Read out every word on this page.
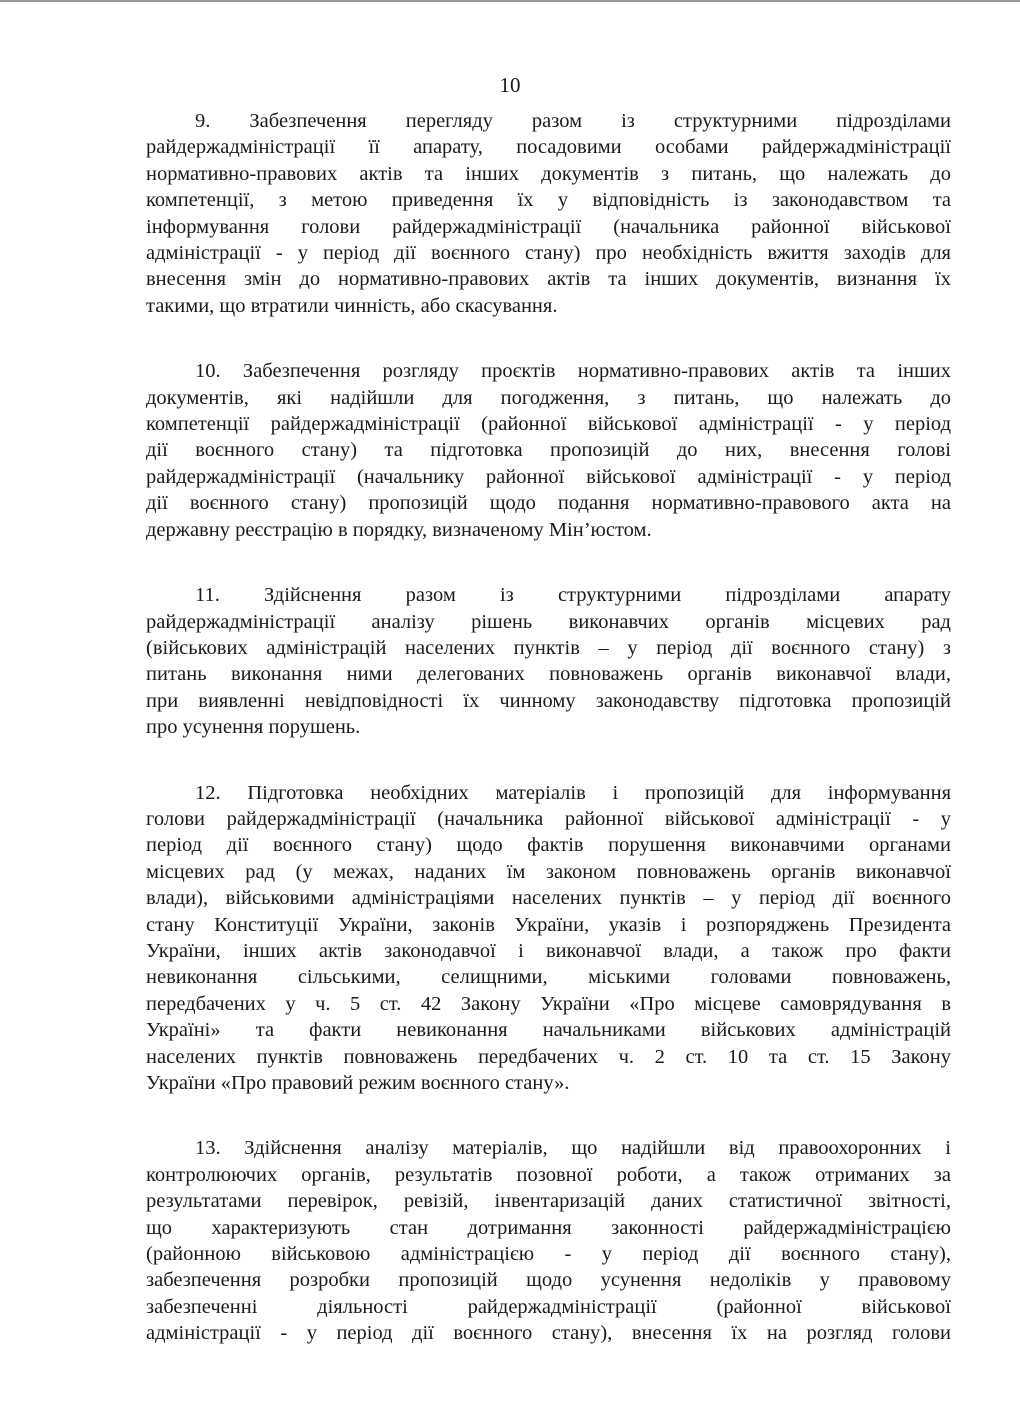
10

9. Забезпечення перегляду разом із структурними підрозділами
райдержадміністрації її апарату, посадовими особами райдержадміністрації
нормативно-правових актів та інших документів з питань, що належать до
компетенції, з метою приведення їх у відповідність із законодавством та
інформування голови райдержадміністрації (начальника районної військової
адміністрації - у період дії воєнного стану) про необхідність вжиття заходів для
внесення змін до нормативно-правових актів та інших документів, визнання їх
такими, що втратили чинність, або скасування.

10. Забезпечення розгляду проєктів нормативно-правових актів та інших
документів, які надійшли для погодження, з питань, що належать до
компетенції райдержадміністрації (районної військової адміністрації - у період
дії воєнного стану) та підготовка пропозицій до них, внесення голові
райдержадміністрації (начальнику районної військової адміністрації - у період
дії воєнного стану) пропозицій щодо подання нормативно-правового акта на
державну реєстрацію в порядку, визначеному Мін’юстом.

11. Здійснення разом із структурними підрозділами апарату
райдержадміністрації аналізу рішень виконавчих органів місцевих рад
(військових адміністрацій населених пунктів – у період дії воєнного стану) з
питань виконання ними делегованих повноважень органів виконавчої влади,
при виявленні невідповідності їх чинному законодавству підготовка пропозицій
про усунення порушень.

12. Підготовка необхідних матеріалів і пропозицій для інформування
голови райдержадміністрації (начальника районної військової адміністрації - у
період дії воєнного стану) щодо фактів порушення виконавчими органами
місцевих рад (у межах, наданих їм законом повноважень органів виконавчої
влади), військовими адміністраціями населених пунктів – у період дії воєнного
стану Конституції України, законів України, указів і розпоряджень Президента
України, інших актів законодавчої і виконавчої влади, а також про факти
невиконання сільськими, селищними, міськими головами повноважень,
передбачених у ч. 5 ст. 42 Закону України «Про місцеве самоврядування в
Україні» та факти невиконання начальниками військових адміністрацій
населених пунктів повноважень передбачених ч. 2 ст. 10 та ст. 15 Закону
України «Про правовий режим воєнного стану».

13. Здійснення аналізу матеріалів, що надійшли від правоохоронних і
контролюючих органів, результатів позовної роботи, а також отриманих за
результатами перевірок, ревізій, інвентаризацій даних статистичної звітності,
що характеризують стан дотримання законності райдержадміністрацією
(районною військовою адміністрацією - у період дії воєнного стану),
забезпечення розробки пропозицій щодо усунення недоліків у правовому
забезпеченні діяльності райдержадміністрації (районної військової
адміністрації - у період дії воєнного стану), внесення їх на розгляд голови
